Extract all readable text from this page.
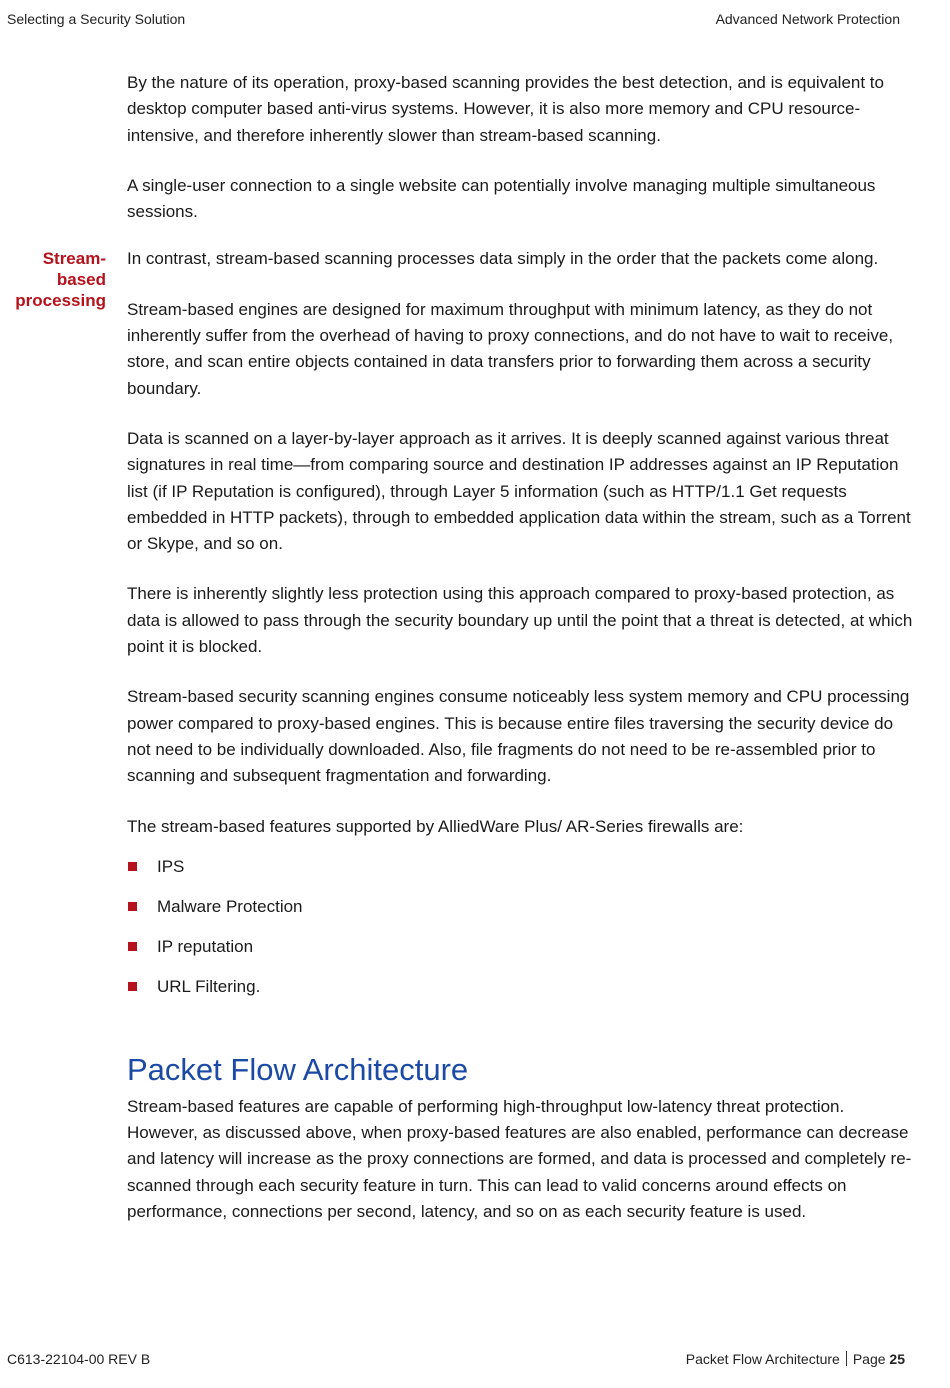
Selecting a Security Solution	Advanced Network Protection
Stream-
based
processing

By the nature of its operation, proxy-based scanning provides the best detection, and is equivalent to desktop computer based anti-virus systems. However, it is also more memory and CPU resource-intensive, and therefore inherently slower than stream-based scanning.

A single-user connection to a single website can potentially involve managing multiple simultaneous sessions.

In contrast, stream-based scanning processes data simply in the order that the packets come along.

Stream-based engines are designed for maximum throughput with minimum latency, as they do not inherently suffer from the overhead of having to proxy connections, and do not have to wait to receive, store, and scan entire objects contained in data transfers prior to forwarding them across a security boundary.

Data is scanned on a layer-by-layer approach as it arrives. It is deeply scanned against various threat signatures in real time—from comparing source and destination IP addresses against an IP Reputation list (if IP Reputation is configured), through Layer 5 information (such as HTTP/1.1 Get requests embedded in HTTP packets), through to embedded application data within the stream, such as a Torrent or Skype, and so on.

There is inherently slightly less protection using this approach compared to proxy-based protection, as data is allowed to pass through the security boundary up until the point that a threat is detected, at which point it is blocked.

Stream-based security scanning engines consume noticeably less system memory and CPU processing power compared to proxy-based engines. This is because entire files traversing the security device do not need to be individually downloaded. Also, file fragments do not need to be re-assembled prior to scanning and subsequent fragmentation and forwarding.

The stream-based features supported by AlliedWare Plus/ AR-Series firewalls are:

IPS
Malware Protection
IP reputation
URL Filtering.
Packet Flow Architecture

Stream-based features are capable of performing high-throughput low-latency threat protection. However, as discussed above, when proxy-based features are also enabled, performance can decrease and latency will increase as the proxy connections are formed, and data is processed and completely re-scanned through each security feature in turn. This can lead to valid concerns around effects on performance, connections per second, latency, and so on as each security feature is used.

C613-22104-00 REV B	Packet Flow Architecture Page 25
